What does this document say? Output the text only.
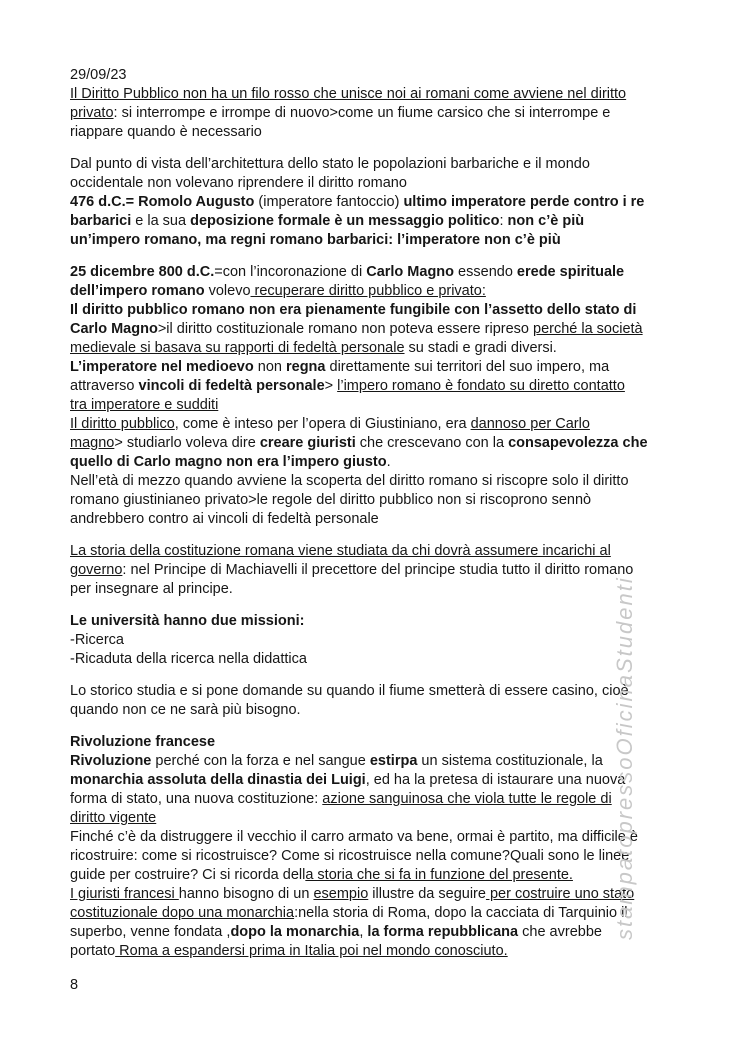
29/09/23
Il Diritto Pubblico non ha un filo rosso che unisce noi ai romani come avviene nel diritto
privato: si interrompe e irrompe di nuovo>come un fiume carsico che si interrompe e
riappare quando è necessario
Dal punto di vista dell’architettura dello stato le popolazioni barbariche e il mondo
occidentale non volevano riprendere il diritto romano
476 d.C.= Romolo Augusto (imperatore fantoccio) ultimo imperatore perde contro i re
barbarici e la sua deposizione formale è un messaggio politico: non c’è più
un’impero romano, ma regni romano barbarici: l’imperatore non c’è più
25 dicembre 800 d.C.=con l’incoronazione di Carlo Magno essendo erede spirituale
dell’impero romano volevo recuperare diritto pubblico e privato:
Il diritto pubblico romano non era pienamente fungibile con l’assetto dello stato di
Carlo Magno>il diritto costituzionale romano non poteva essere ripreso perché la società
medievale si basava su rapporti di fedeltà personale su stadi e gradi diversi.
L’imperatore nel medioevo non regna direttamente sui territori del suo impero, ma
attraverso vincoli di fedeltà personale> l’impero romano è fondato su diretto contatto
tra imperatore e sudditi
Il diritto pubblico, come è inteso per l’opera di Giustiniano, era dannoso per Carlo
magno> studiarlo voleva dire creare giuristi che crescevano con la consapevolezza che
quello di Carlo magno non era l’impero giusto.
Nell’età di mezzo quando avviene la scoperta del diritto romano si riscopre solo il diritto
romano giustinianeo privato>le regole del diritto pubblico non si riscoprono sennò
andrebbero contro ai vincoli di fedeltà personale
La storia della costituzione romana viene studiata da chi dovrà assumere incarichi al
governo: nel Principe di Machiavelli il precettore del principe studia tutto il diritto romano
per insegnare al principe.
Le università hanno due missioni:
-Ricerca
-Ricaduta della ricerca nella didattica
Lo storico studia e si pone domande su quando il fiume smetterà di essere casino, cioè
quando non ce ne sarà più bisogno.
Rivoluzione francese
Rivoluzione perché con la forza e nel sangue estirpa un sistema costituzionale, la
monarchia assoluta della dinastia dei Luigi, ed ha la pretesa di istaurare una nuova
forma di stato, una nuova costituzione: azione sanguinosa che viola tutte le regole di
diritto vigente
Finché c’è da distruggere il vecchio il carro armato va bene, ormai è partito, ma difficile è
ricostruire: come si ricostruisce? Come si ricostruisce nella comune?Quali sono le linee
guide per costruire? Ci si ricorda della storia che si fa in funzione del presente.
I giuristi francesi hanno bisogno di un esempio illustre da seguire per costruire uno stato
costituzionale dopo una monarchia:nella storia di Roma, dopo la cacciata di Tarquinio il
superbo, venne fondata ,dopo la monarchia, la forma repubblicana che avrebbe
portato Roma a espandersi prima in Italia poi nel mondo conosciuto.
stampatopressoOficinaStudenti
8
